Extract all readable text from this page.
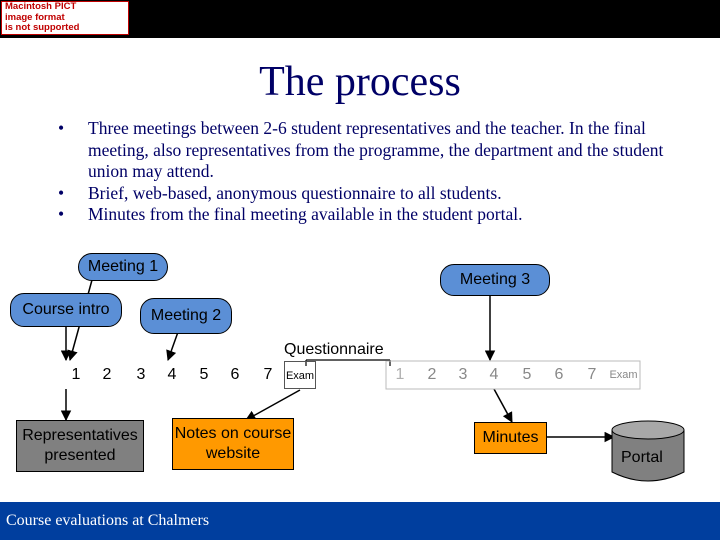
Macintosh PICT
image format
is not supported
The process
• Three meetings between 2-6 student representatives and the teacher. In the final meeting, also representatives from the programme, the department and the student union may attend.
• Brief, web-based, anonymous questionnaire to all students.
• Minutes from the final meeting available in the student portal.
Meeting 1
Meeting 2
Meeting 3
Course intro
Questionnaire
1	2	3	4	5	6	7	Exam	1	2	3	4	5	6	7	Exam
Representatives presented
Notes on course website
Minutes
Portal
Course evaluations at Chalmers
